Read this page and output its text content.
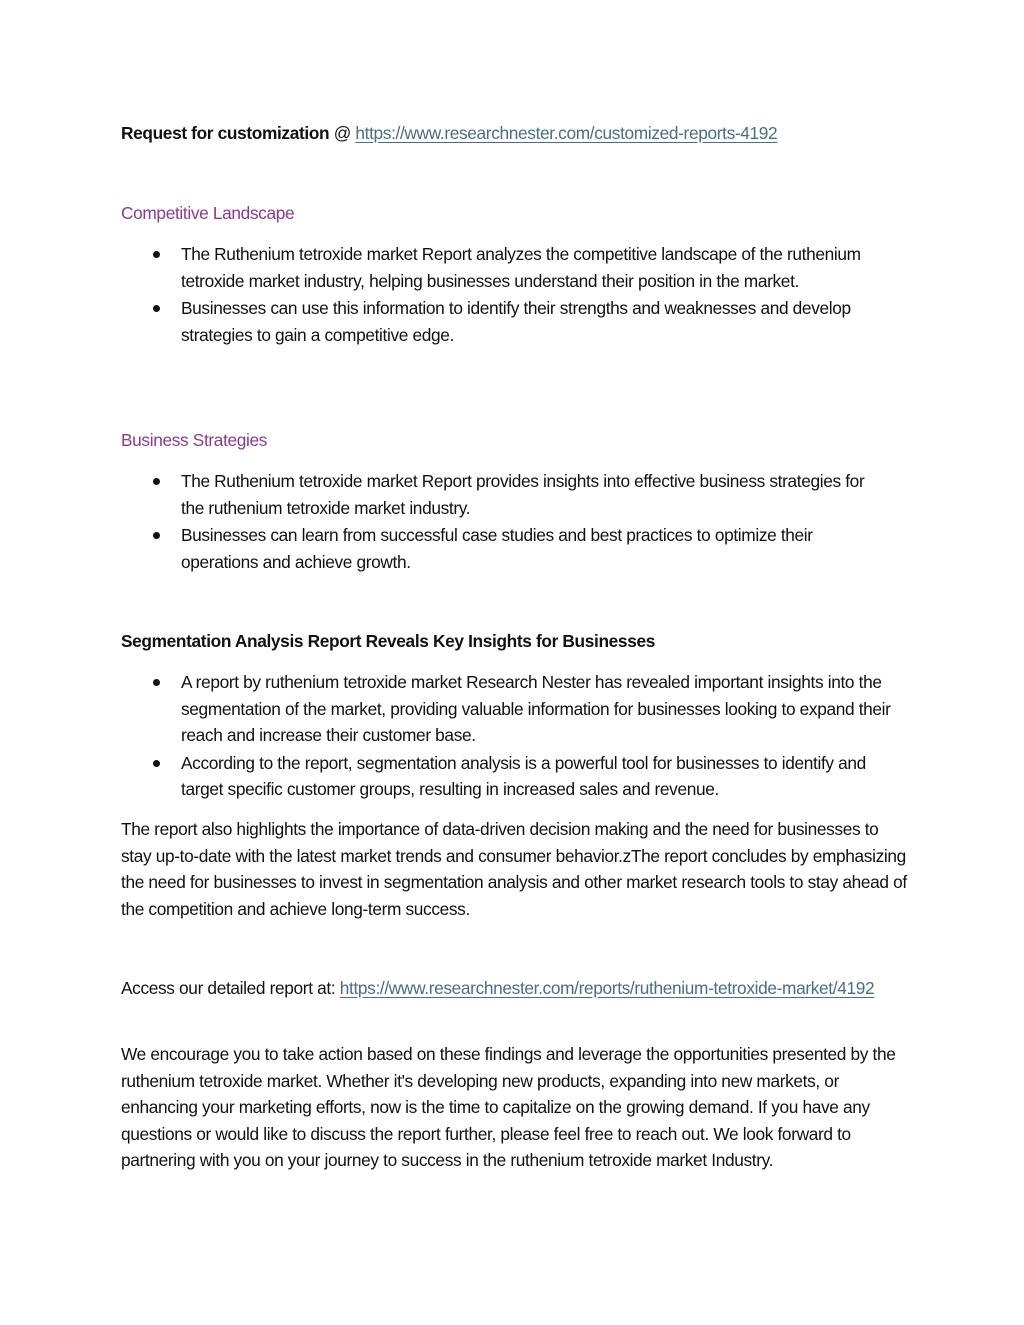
Request for customization @ https://www.researchnester.com/customized-reports-4192
Competitive Landscape
The Ruthenium tetroxide market Report analyzes the competitive landscape of the ruthenium tetroxide market industry, helping businesses understand their position in the market.
Businesses can use this information to identify their strengths and weaknesses and develop strategies to gain a competitive edge.
Business Strategies
The Ruthenium tetroxide market Report provides insights into effective business strategies for the ruthenium tetroxide market industry.
Businesses can learn from successful case studies and best practices to optimize their operations and achieve growth.
Segmentation Analysis Report Reveals Key Insights for Businesses
A report by ruthenium tetroxide market Research Nester has revealed important insights into the segmentation of the market, providing valuable information for businesses looking to expand their reach and increase their customer base.
According to the report, segmentation analysis is a powerful tool for businesses to identify and target specific customer groups, resulting in increased sales and revenue.

The report also highlights the importance of data-driven decision making and the need for businesses to stay up-to-date with the latest market trends and consumer behavior.zThe report concludes by emphasizing the need for businesses to invest in segmentation analysis and other market research tools to stay ahead of the competition and achieve long-term success.

Access our detailed report at: https://www.researchnester.com/reports/ruthenium-tetroxide-market/4192

We encourage you to take action based on these findings and leverage the opportunities presented by the ruthenium tetroxide market. Whether it's developing new products, expanding into new markets, or enhancing your marketing efforts, now is the time to capitalize on the growing demand. If you have any questions or would like to discuss the report further, please feel free to reach out. We look forward to partnering with you on your journey to success in the ruthenium tetroxide market Industry.
